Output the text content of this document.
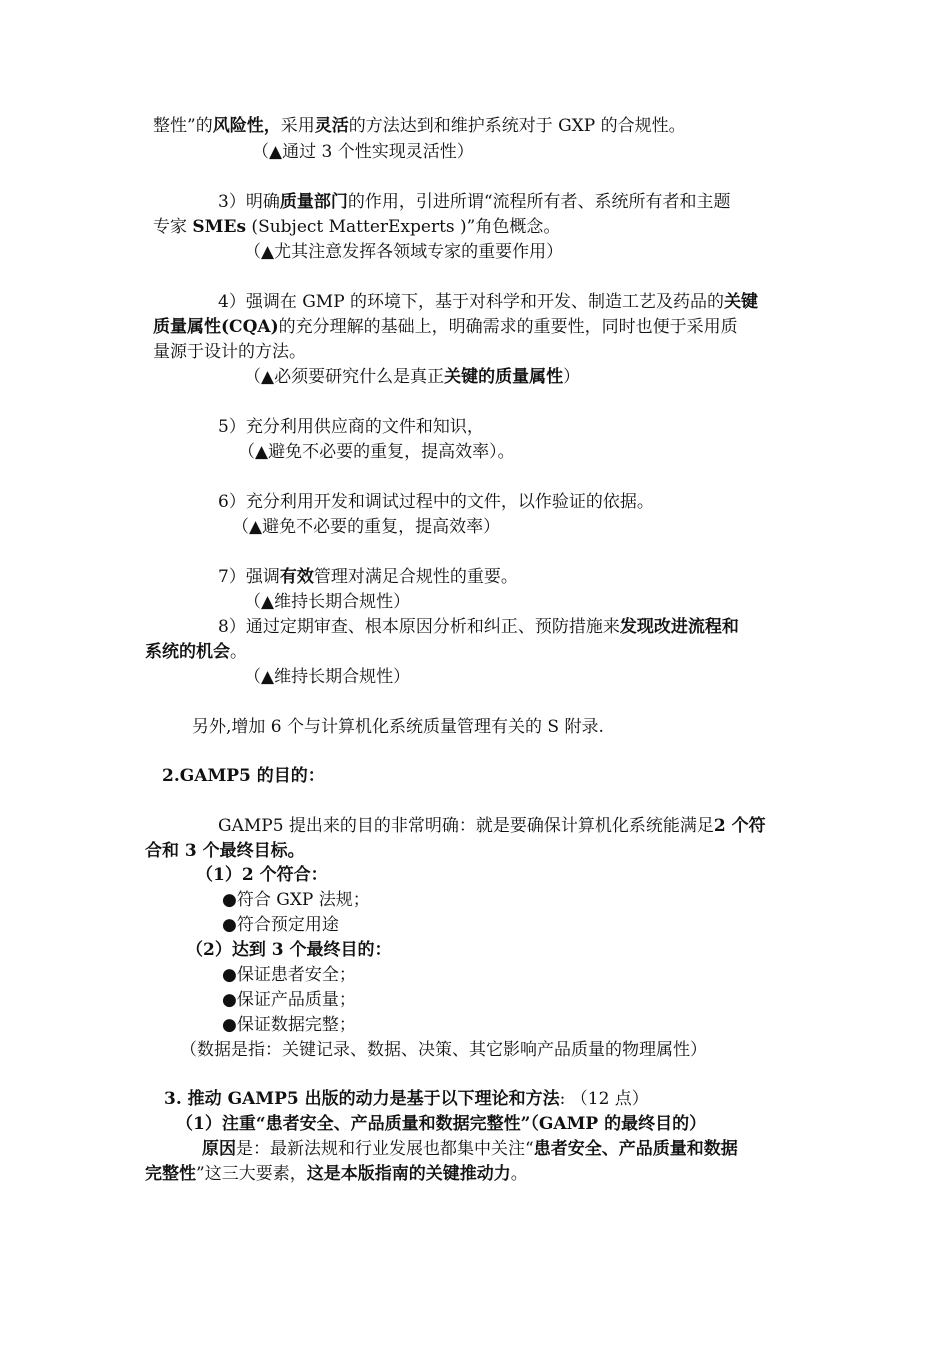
整性”的风险性，采用灵活的方法达到和维护系统对于 GXP 的合规性。
（▲通过 3 个性实现灵活性）
3）明确质量部门的作用，引进所谓“流程所有者、系统所有者和主题
专家 SMEs (Subject MatterExperts )”角色概念。
（▲尤其注意发挥各领域专家的重要作用）
4）强调在 GMP 的环境下，基于对科学和开发、制造工艺及药品的关键
质量属性(CQA)的充分理解的基础上，明确需求的重要性，同时也便于采用质
量源于设计的方法。
（▲必须要研究什么是真正关键的质量属性）
5）充分利用供应商的文件和知识，
（▲避免不必要的重复，提高效率）。
6）充分利用开发和调试过程中的文件，以作验证的依据。
（▲避免不必要的重复，提高效率）
7）强调有效管理对满足合规性的重要。
（▲维持长期合规性）
8）通过定期审查、根本原因分析和纠正、预防措施来发现改进流程和
系统的机会。
（▲维持长期合规性）
另外,增加 6 个与计算机化系统质量管理有关的 S 附录.
2.GAMP5 的目的：
GAMP5 提出来的目的非常明确：就是要确保计算机化系统能满足2 个符
合和 3 个最终目标。
（1）2 个符合：
●符合 GXP 法规；
●符合预定用途
（2）达到 3 个最终目的：
●保证患者安全；
●保证产品质量；
●保证数据完整；
（数据是指：关键记录、数据、决策、其它影响产品质量的物理属性）
3. 推动 GAMP5 出版的动力是基于以下理论和方法: （12 点）
（1）注重“患者安全、产品质量和数据完整性”（GAMP 的最终目的）
原因是：最新法规和行业发展也都集中关注“患者安全、产品质量和数据
完整性”这三大要素，这是本版指南的关键推动力。
